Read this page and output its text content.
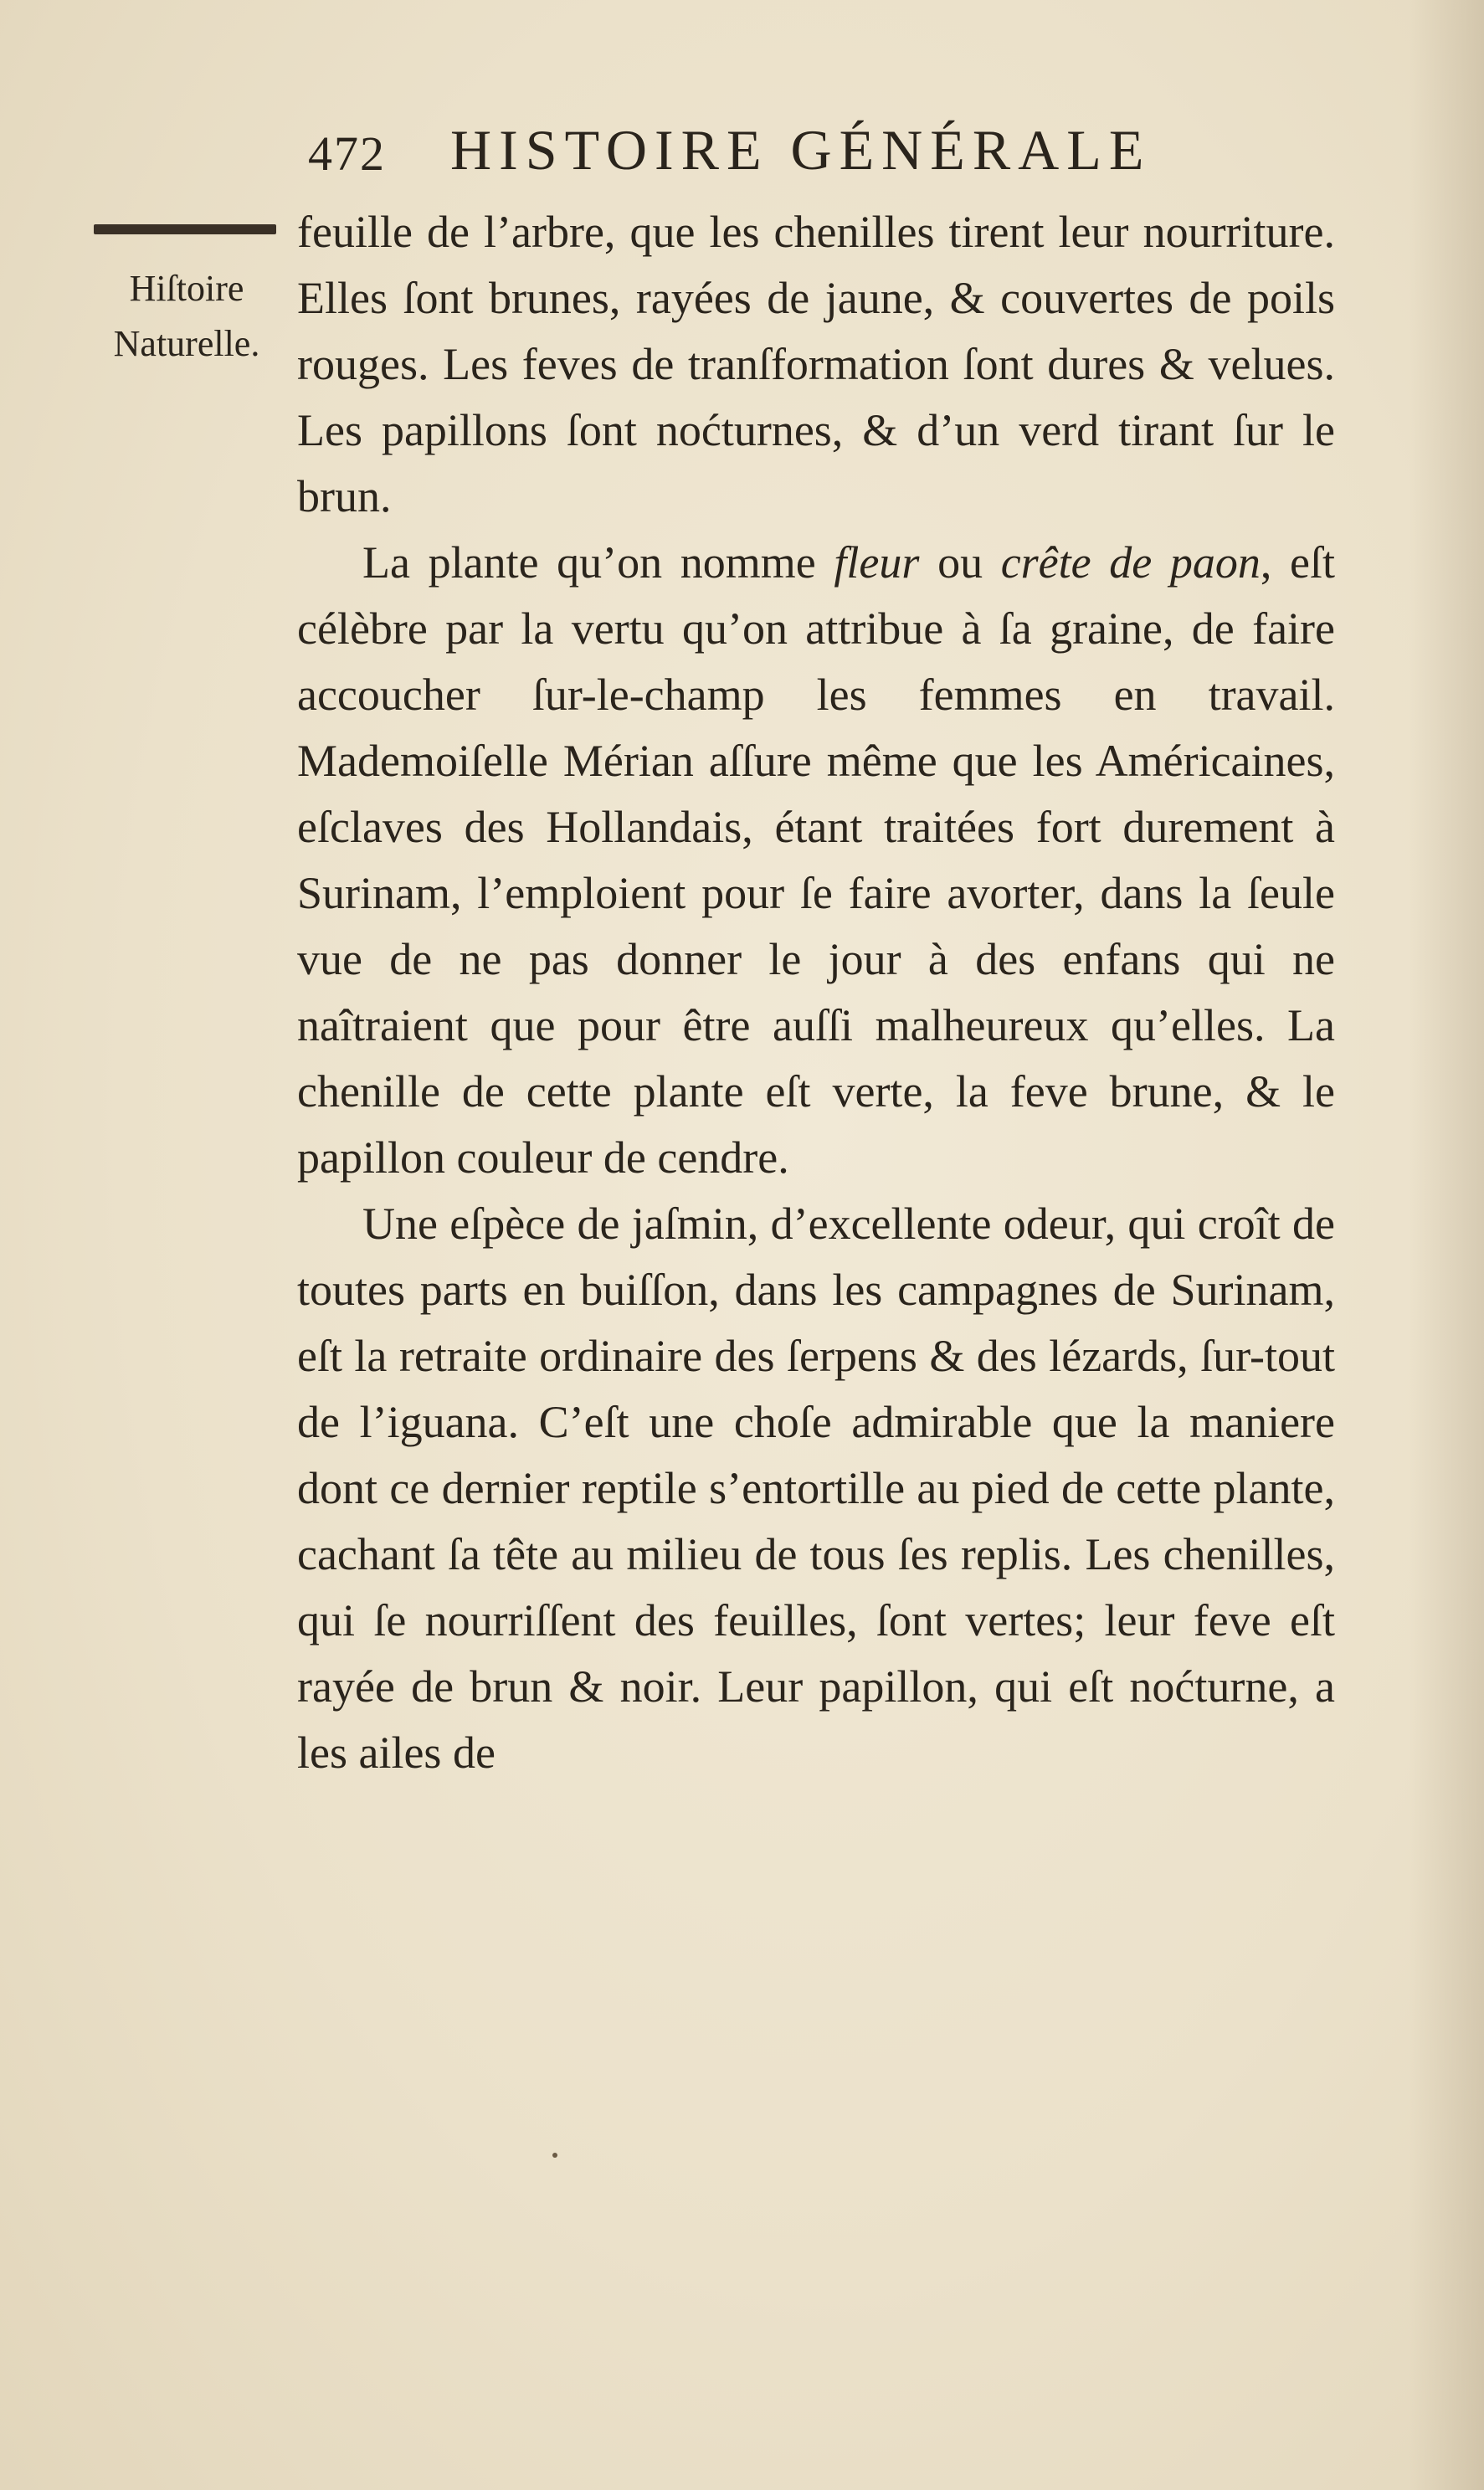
472 HISTOIRE GÉNÉRALE
Hiſtoire
Naturelle.

feuille de l’arbre, que les chenilles tirent leur nourriture. Elles ſont brunes, rayées de jaune, & couvertes de poils rouges. Les feves de tranſformation ſont dures & velues. Les papillons ſont noćturnes, & d’un verd tirant ſur le brun.

La plante qu’on nomme fleur ou crête de paon, eſt célèbre par la vertu qu’on attribue à ſa graine, de faire accoucher ſur-le-champ les femmes en travail. Mademoiſelle Mérian aſſure même que les Américaines, eſclaves des Hollandais, étant traitées fort durement à Surinam, l’emploient pour ſe faire avorter, dans la ſeule vue de ne pas donner le jour à des enfans qui ne naîtraient que pour être auſſi malheureux qu’elles. La chenille de cette plante eſt verte, la feve brune, & le papillon couleur de cendre.

Une eſpèce de jaſmin, d’excellente odeur, qui croît de toutes parts en buiſſon, dans les campagnes de Surinam, eſt la retraite ordinaire des ſerpens & des lézards, ſur-tout de l’iguana. C’eſt une choſe admirable que la maniere dont ce dernier reptile s’entortille au pied de cette plante, cachant ſa tête au milieu de tous ſes replis. Les chenilles, qui ſe nourriſſent des feuilles, ſont vertes; leur feve eſt rayée de brun & noir. Leur papillon, qui eſt noćturne, a les ailes de
